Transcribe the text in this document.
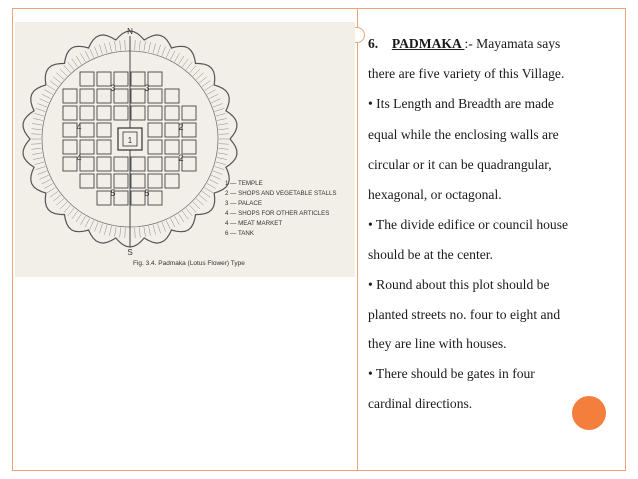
1
3	3
2
2
5	5
4
4
N
S
1 — TEMPLE
2 — SHOPS AND VEGETABLE STALLS
3 — PALACE
4 — SHOPS FOR OTHER ARTICLES
4 — MEAT MARKET
6 — TANK
Fig. 3.4. Padmaka (Lotus Flower) Type
6. PADMAKA :- Mayamata says
there are five variety of this Village.
• Its Length and Breadth are made
equal while the enclosing walls are
circular or it can be quadrangular,
hexagonal, or octagonal.
• The divide edifice or council house
should be at the center.
• Round about this plot should be
planted streets no. four to eight and
they are line with houses.
• There should be gates in four
cardinal directions.
